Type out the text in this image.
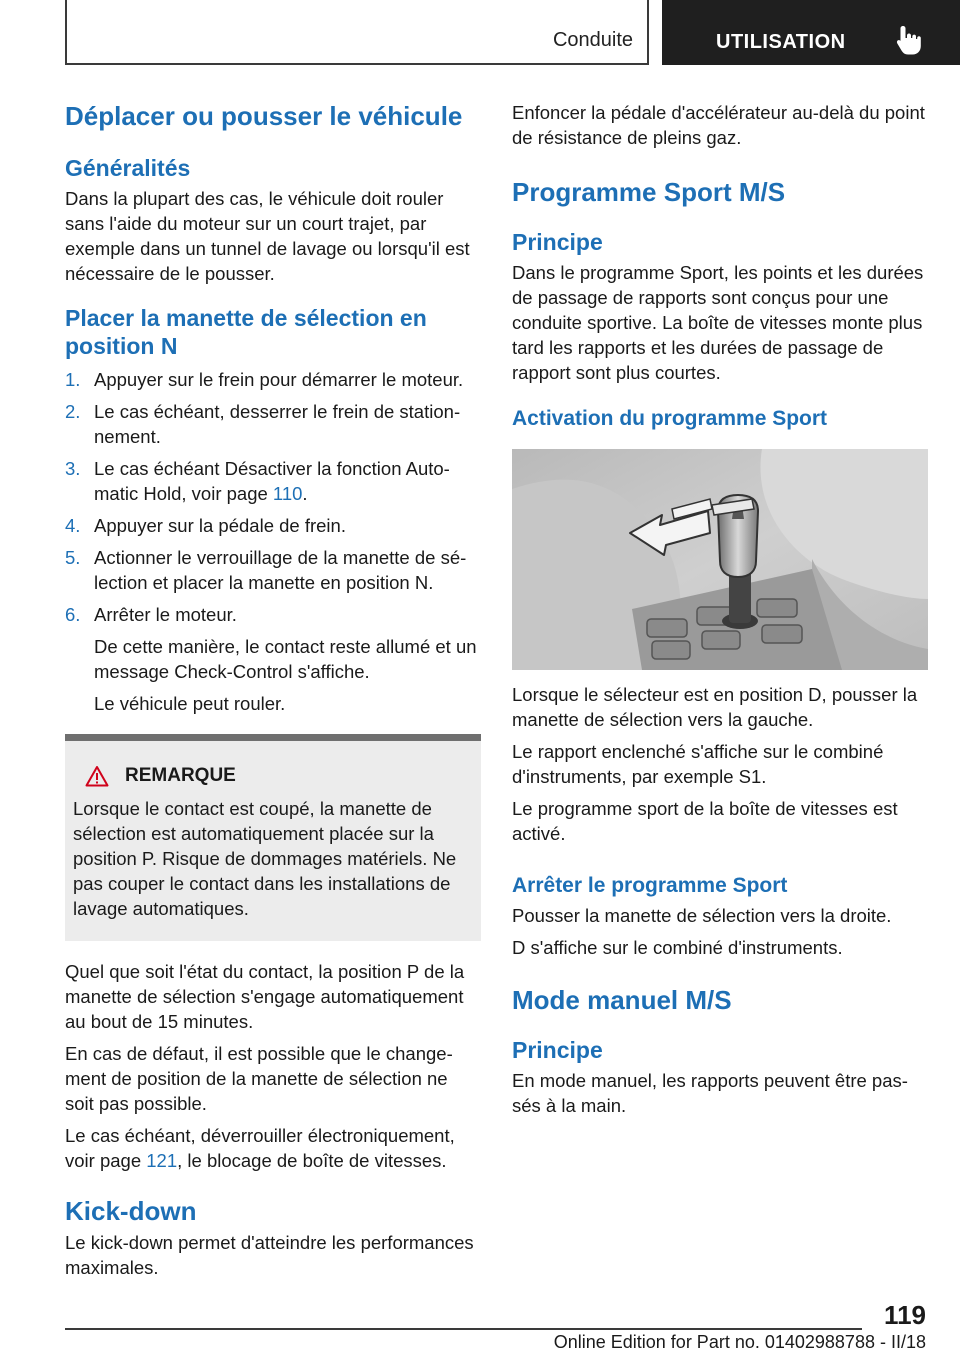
Conduite	UTILISATION
Déplacer ou pousser le véhicule
Généralités

Dans la plupart des cas, le véhicule doit rouler sans l'aide du moteur sur un court trajet, par exemple dans un tunnel de lavage ou lorsqu'il est nécessaire de le pousser.

Placer la manette de sélection en position N
1. Appuyer sur le frein pour démarrer le moteur.
2. Le cas échéant, desserrer le frein de stationnement.
3. Le cas échéant Désactiver la fonction Automatic Hold, voir page 110.
4. Appuyer sur la pédale de frein.
5. Actionner le verrouillage de la manette de sélection et placer la manette en position N.
6. Arrêter le moteur.
De cette manière, le contact reste allumé et un message Check-Control s'affiche.
Le véhicule peut rouler.
REMARQUE
Lorsque le contact est coupé, la manette de sélection est automatiquement placée sur la position P. Risque de dommages matériels. Ne pas couper le contact dans les installations de lavage automatiques.

Quel que soit l'état du contact, la position P de la manette de sélection s'engage automatiquement au bout de 15 minutes.

En cas de défaut, il est possible que le changement de position de la manette de sélection ne soit pas possible.

Le cas échéant, déverrouiller électroniquement, voir page 121, le blocage de boîte de vitesses.

Kick-down

Le kick-down permet d'atteindre les performances maximales.

Enfoncer la pédale d'accélérateur au-delà du point de résistance de pleins gaz.

Programme Sport M/S
Principe

Dans le programme Sport, les points et les durées de passage de rapports sont conçus pour une conduite sportive. La boîte de vitesses monte plus tard les rapports et les durées de passage de rapport sont plus courtes.

Activation du programme Sport

Lorsque le sélecteur est en position D, pousser la manette de sélection vers la gauche.

Le rapport enclenché s'affiche sur le combiné d'instruments, par exemple S1.

Le programme sport de la boîte de vitesses est activé.

Arrêter le programme Sport

Pousser la manette de sélection vers la droite.

D s'affiche sur le combiné d'instruments.

Mode manuel M/S
Principe

En mode manuel, les rapports peuvent être passés à la main.

119
Online Edition for Part no. 01402988788 - II/18
